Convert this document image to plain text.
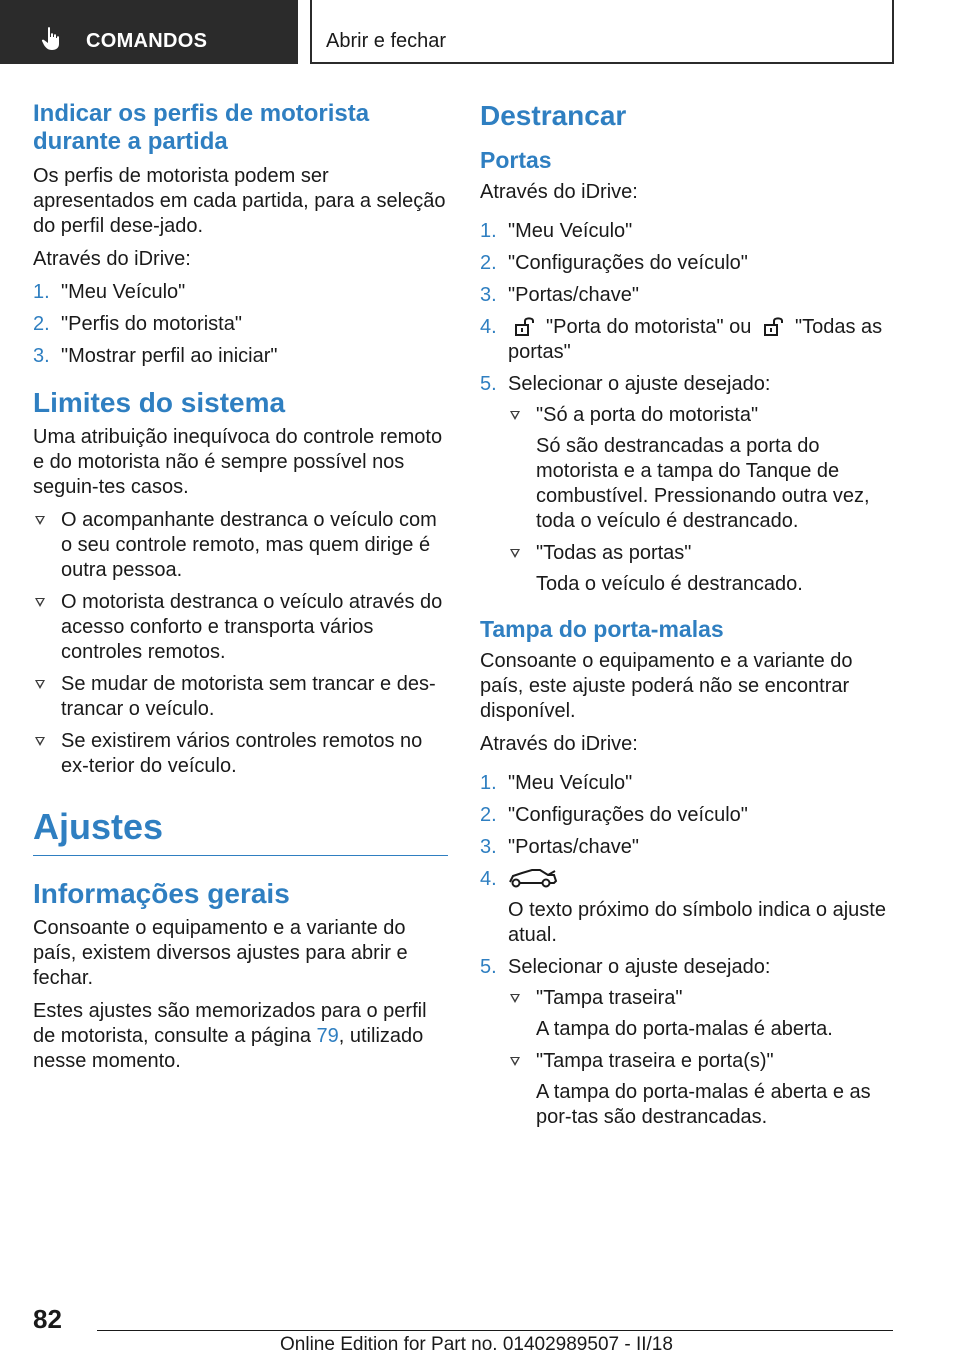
COMANDOS	Abrir e fechar
Indicar os perfis de motorista durante a partida

Os perfis de motorista podem ser apresentados em cada partida, para a seleção do perfil dese-jado.

Através do iDrive:

1. "Meu Veículo"
2. "Perfis do motorista"
3. "Mostrar perfil ao iniciar"
Limites do sistema

Uma atribuição inequívoca do controle remoto e do motorista não é sempre possível nos seguin-tes casos.

O acompanhante destranca o veículo com o seu controle remoto, mas quem dirige é outra pessoa.
O motorista destranca o veículo através do acesso conforto e transporta vários controles remotos.
Se mudar de motorista sem trancar e des-trancar o veículo.
Se existirem vários controles remotos no ex-terior do veículo.
Ajustes
Informações gerais

Consoante o equipamento e a variante do país, existem diversos ajustes para abrir e fechar.

Estes ajustes são memorizados para o perfil de motorista, consulte a página 79, utilizado nesse momento.

Destrancar
Portas

Através do iDrive:

1. "Meu Veículo"
2. "Configurações do veículo"
3. "Portas/chave"
4. "Porta do motorista" ou "Todas as portas"
5. Selecionar o ajuste desejado:
"Só a porta do motorista"
Só são destrancadas a porta do motorista e a tampa do Tanque de combustível. Pressionando outra vez, toda o veículo é destrancado.
"Todas as portas"
Toda o veículo é destrancado.
Tampa do porta-malas

Consoante o equipamento e a variante do país, este ajuste poderá não se encontrar disponível.

Através do iDrive:

1. "Meu Veículo"
2. "Configurações do veículo"
3. "Portas/chave"
4.
O texto próximo do símbolo indica o ajuste atual.
5. Selecionar o ajuste desejado:
"Tampa traseira"
A tampa do porta-malas é aberta.
"Tampa traseira e porta(s)"
A tampa do porta-malas é aberta e as por-tas são destrancadas.
82
Online Edition for Part no. 01402989507 - II/18
